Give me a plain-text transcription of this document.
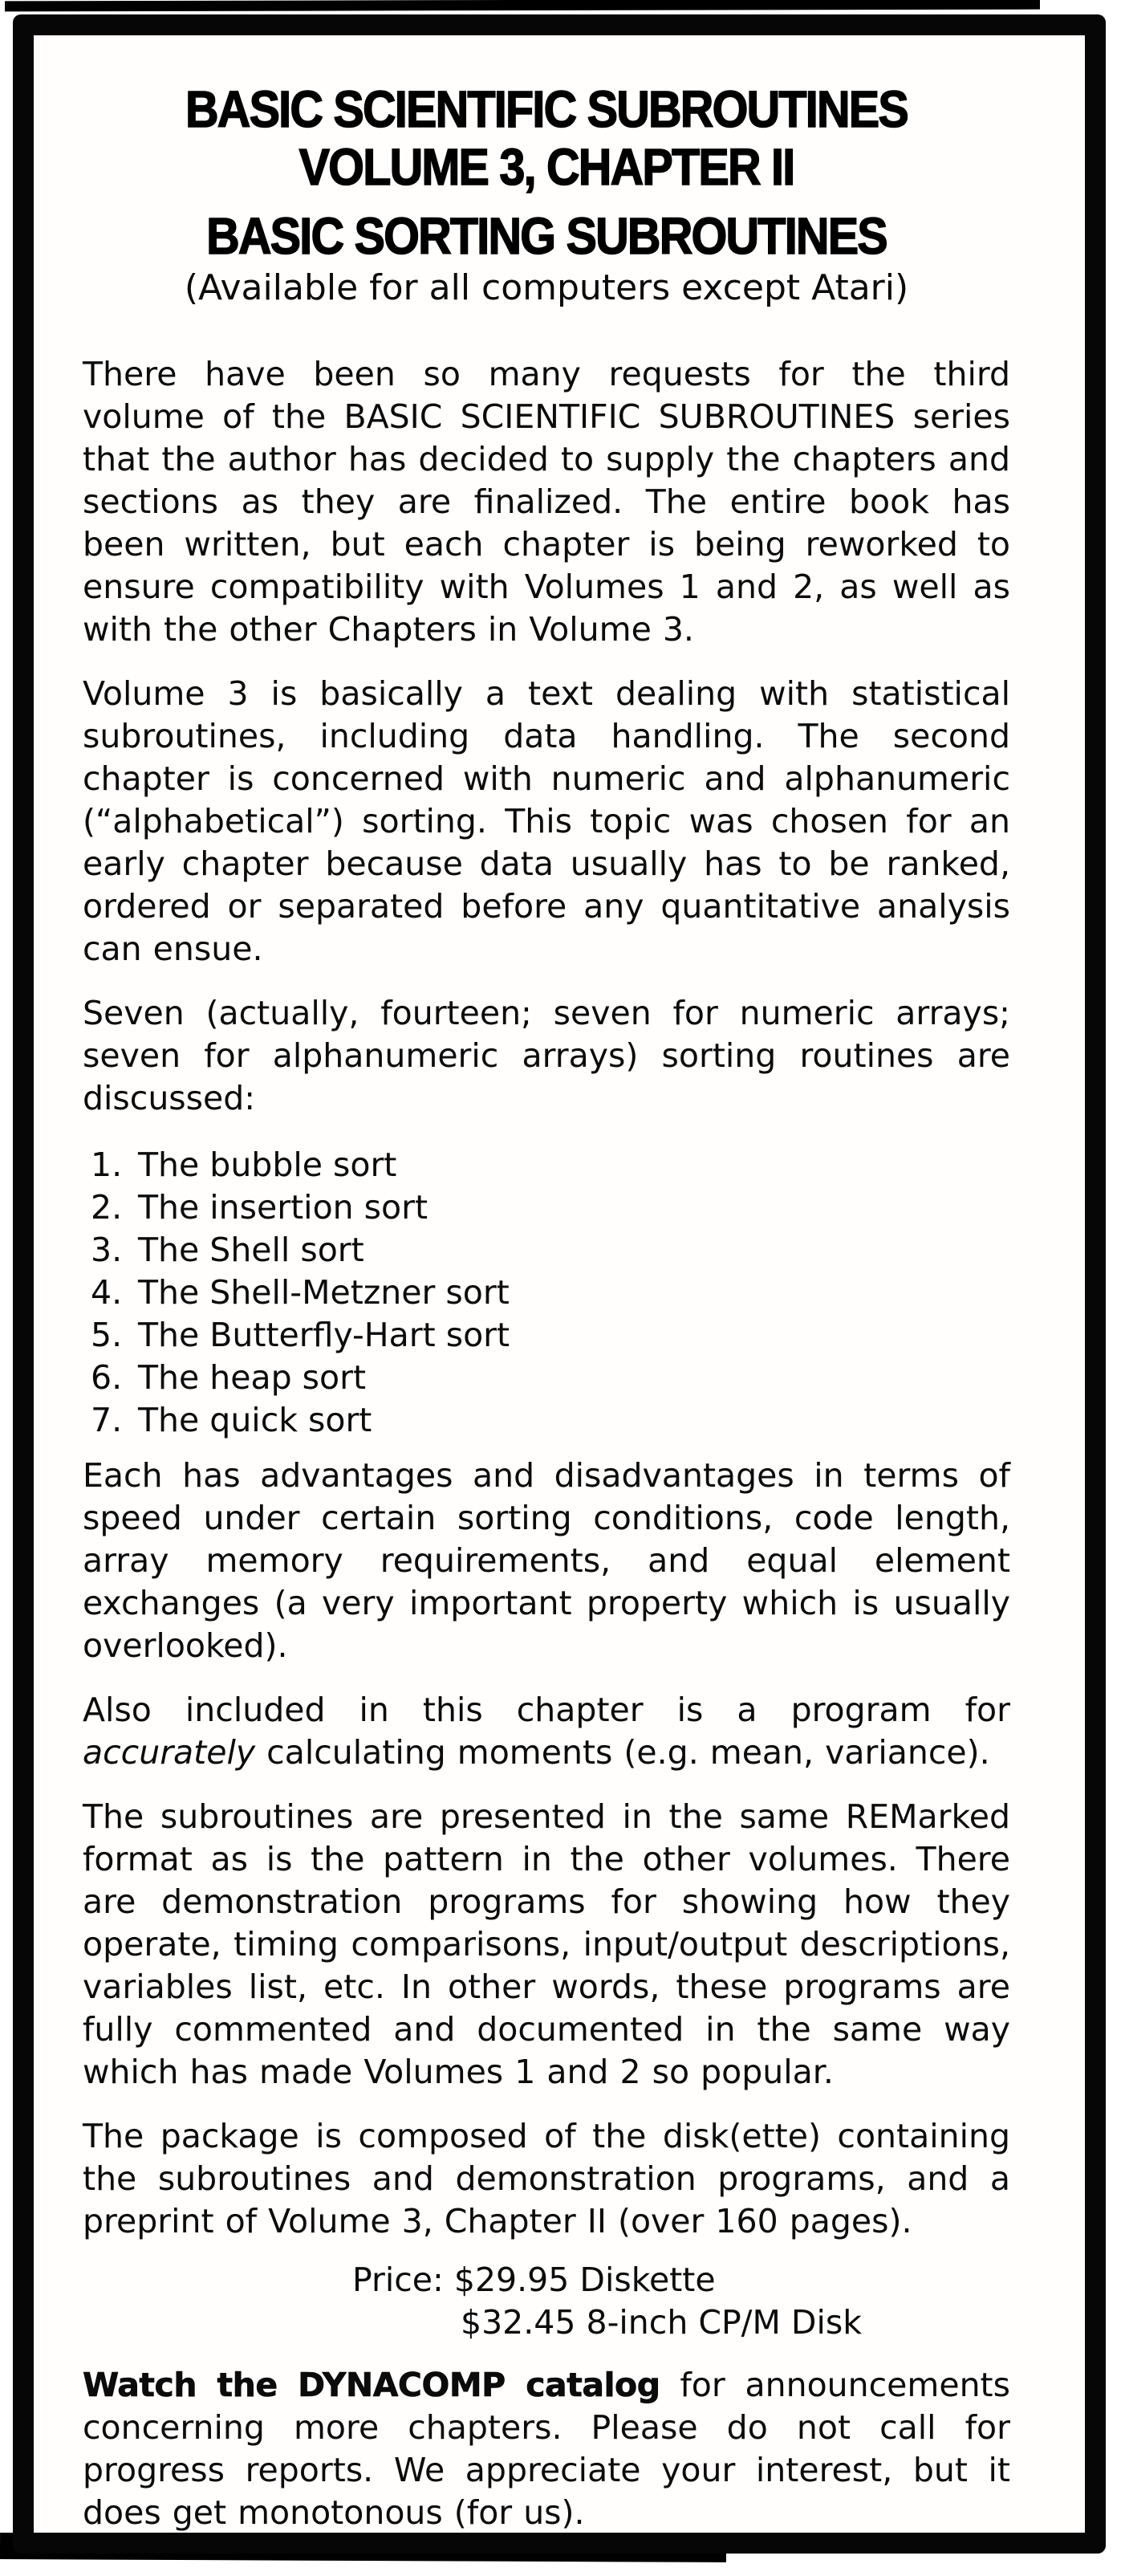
BASIC SCIENTIFIC SUBROUTINES
VOLUME 3, CHAPTER II
BASIC SORTING SUBROUTINES
(Available for all computers except Atari)

There have been so many requests for the third volume of the BASIC SCIENTIFIC SUBROUTINES series that the author has decided to supply the chapters and sections as they are finalized. The entire book has been written, but each chapter is being reworked to ensure compatibility with Volumes 1 and 2, as well as with the other Chapters in Volume 3.

Volume 3 is basically a text dealing with statistical subroutines, including data handling. The second chapter is concerned with numeric and alphanumeric (“alphabetical”) sorting. This topic was chosen for an early chapter because data usually has to be ranked, ordered or separated before any quantitative analysis can ensue.

Seven (actually, fourteen; seven for numeric arrays; seven for alphanumeric arrays) sorting routines are discussed:

1. The bubble sort
2. The insertion sort
3. The Shell sort
4. The Shell-Metzner sort
5. The Butterfly-Hart sort
6. The heap sort
7. The quick sort

Each has advantages and disadvantages in terms of speed under certain sorting conditions, code length, array memory requirements, and equal element exchanges (a very important property which is usually overlooked).

Also included in this chapter is a program for accurately calculating moments (e.g. mean, variance).

The subroutines are presented in the same REMarked format as is the pattern in the other volumes. There are demonstration programs for showing how they operate, timing comparisons, input/output descriptions, variables list, etc. In other words, these programs are fully commented and documented in the same way which has made Volumes 1 and 2 so popular.

The package is composed of the disk(ette) containing the subroutines and demonstration programs, and a preprint of Volume 3, Chapter II (over 160 pages).

Price: $29.95 Diskette
$32.45 8-inch CP/M Disk

Watch the DYNACOMP catalog for announcements concerning more chapters. Please do not call for progress reports. We appreciate your interest, but it does get monotonous (for us).
